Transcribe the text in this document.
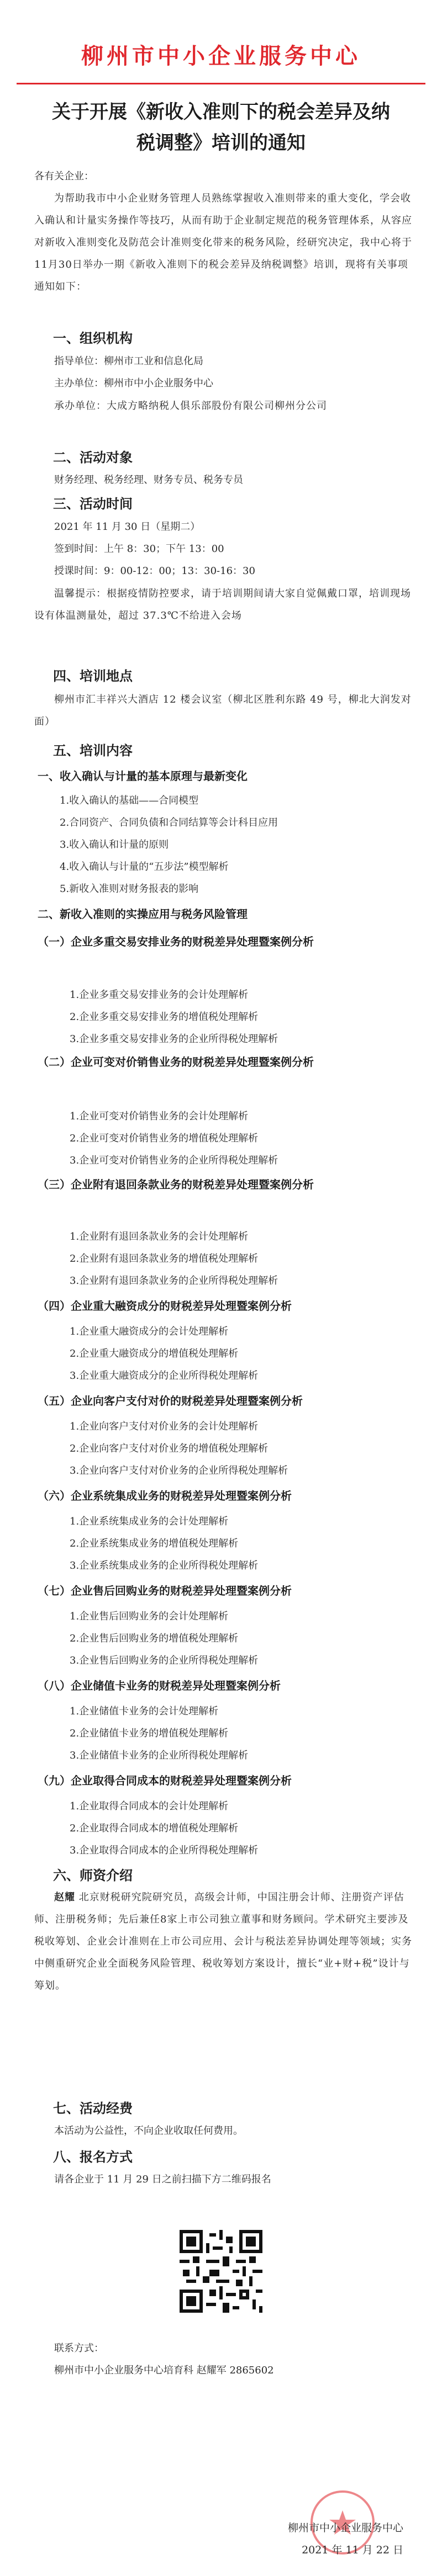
柳州市中小企业服务中心
关于开展《新收入准则下的税会差异及纳
税调整》培训的通知
各有关企业：
为帮助我市中小企业财务管理人员熟练掌握收入准则带来的重大变化，学会收入确认和计量实务操作等技巧，从而有助于企业制定规范的税务管理体系，从容应对新收入准则变化及防范会计准则变化带来的税务风险，经研究决定，我中心将于11月30日举办一期《新收入准则下的税会差异及纳税调整》培训，现将有关事项通知如下：
一、组织机构
指导单位：柳州市工业和信息化局
主办单位：柳州市中小企业服务中心
承办单位：大成方略纳税人俱乐部股份有限公司柳州分公司
二、活动对象
财务经理、税务经理、财务专员、税务专员
三、活动时间
2021 年 11 月 30 日（星期二）
签到时间：上午 8：30；下午 13：00
授课时间：9：00-12：00；13：30-16：30
温馨提示：根据疫情防控要求，请于培训期间请大家自觉佩戴口罩，培训现场设有体温测量处，超过 37.3℃不给进入会场
四、培训地点
柳州市汇丰祥兴大酒店 12 楼会议室（柳北区胜利东路 49 号，柳北大润发对面）
五、培训内容
一、收入确认与计量的基本原理与最新变化
1.收入确认的基础——合同模型
2.合同资产、合同负债和合同结算等会计科目应用
3.收入确认和计量的原则
4.收入确认与计量的“五步法”模型解析
5.新收入准则对财务报表的影响
二、新收入准则的实操应用与税务风险管理
（一）企业多重交易安排业务的财税差异处理暨案例分析
1.企业多重交易安排业务的会计处理解析
2.企业多重交易安排业务的增值税处理解析
3.企业多重交易安排业务的企业所得税处理解析
（二）企业可变对价销售业务的财税差异处理暨案例分析
1.企业可变对价销售业务的会计处理解析
2.企业可变对价销售业务的增值税处理解析
3.企业可变对价销售业务的企业所得税处理解析
（三）企业附有退回条款业务的财税差异处理暨案例分析
1.企业附有退回条款业务的会计处理解析
2.企业附有退回条款业务的增值税处理解析
3.企业附有退回条款业务的企业所得税处理解析
（四）企业重大融资成分的财税差异处理暨案例分析
1.企业重大融资成分的会计处理解析
2.企业重大融资成分的增值税处理解析
3.企业重大融资成分的企业所得税处理解析
（五）企业向客户支付对价的财税差异处理暨案例分析
1.企业向客户支付对价业务的会计处理解析
2.企业向客户支付对价业务的增值税处理解析
3.企业向客户支付对价业务的企业所得税处理解析
（六）企业系统集成业务的财税差异处理暨案例分析
1.企业系统集成业务的会计处理解析
2.企业系统集成业务的增值税处理解析
3.企业系统集成业务的企业所得税处理解析
（七）企业售后回购业务的财税差异处理暨案例分析
1.企业售后回购业务的会计处理解析
2.企业售后回购业务的增值税处理解析
3.企业售后回购业务的企业所得税处理解析
（八）企业储值卡业务的财税差异处理暨案例分析
1.企业储值卡业务的会计处理解析
2.企业储值卡业务的增值税处理解析
3.企业储值卡业务的企业所得税处理解析
（九）企业取得合同成本的财税差异处理暨案例分析
1.企业取得合同成本的会计处理解析
2.企业取得合同成本的增值税处理解析
3.企业取得合同成本的企业所得税处理解析
六、师资介绍
赵耀 北京财税研究院研究员，高级会计师，中国注册会计师、注册资产评估师、注册税务师；先后兼任8家上市公司独立董事和财务顾问。学术研究主要涉及税收筹划、企业会计准则在上市公司应用、会计与税法差异协调处理等领域；实务中侧重研究企业全面税务风险管理、税收筹划方案设计，擅长“业+财+税”设计与筹划。
七、活动经费
本活动为公益性，不向企业收取任何费用。
八、报名方式
请各企业于 11 月 29 日之前扫描下方二维码报名
联系方式：
柳州市中小企业服务中心培育科 赵耀军 2865602
柳州市中小企业服务中心
2021 年 11 月 22 日
